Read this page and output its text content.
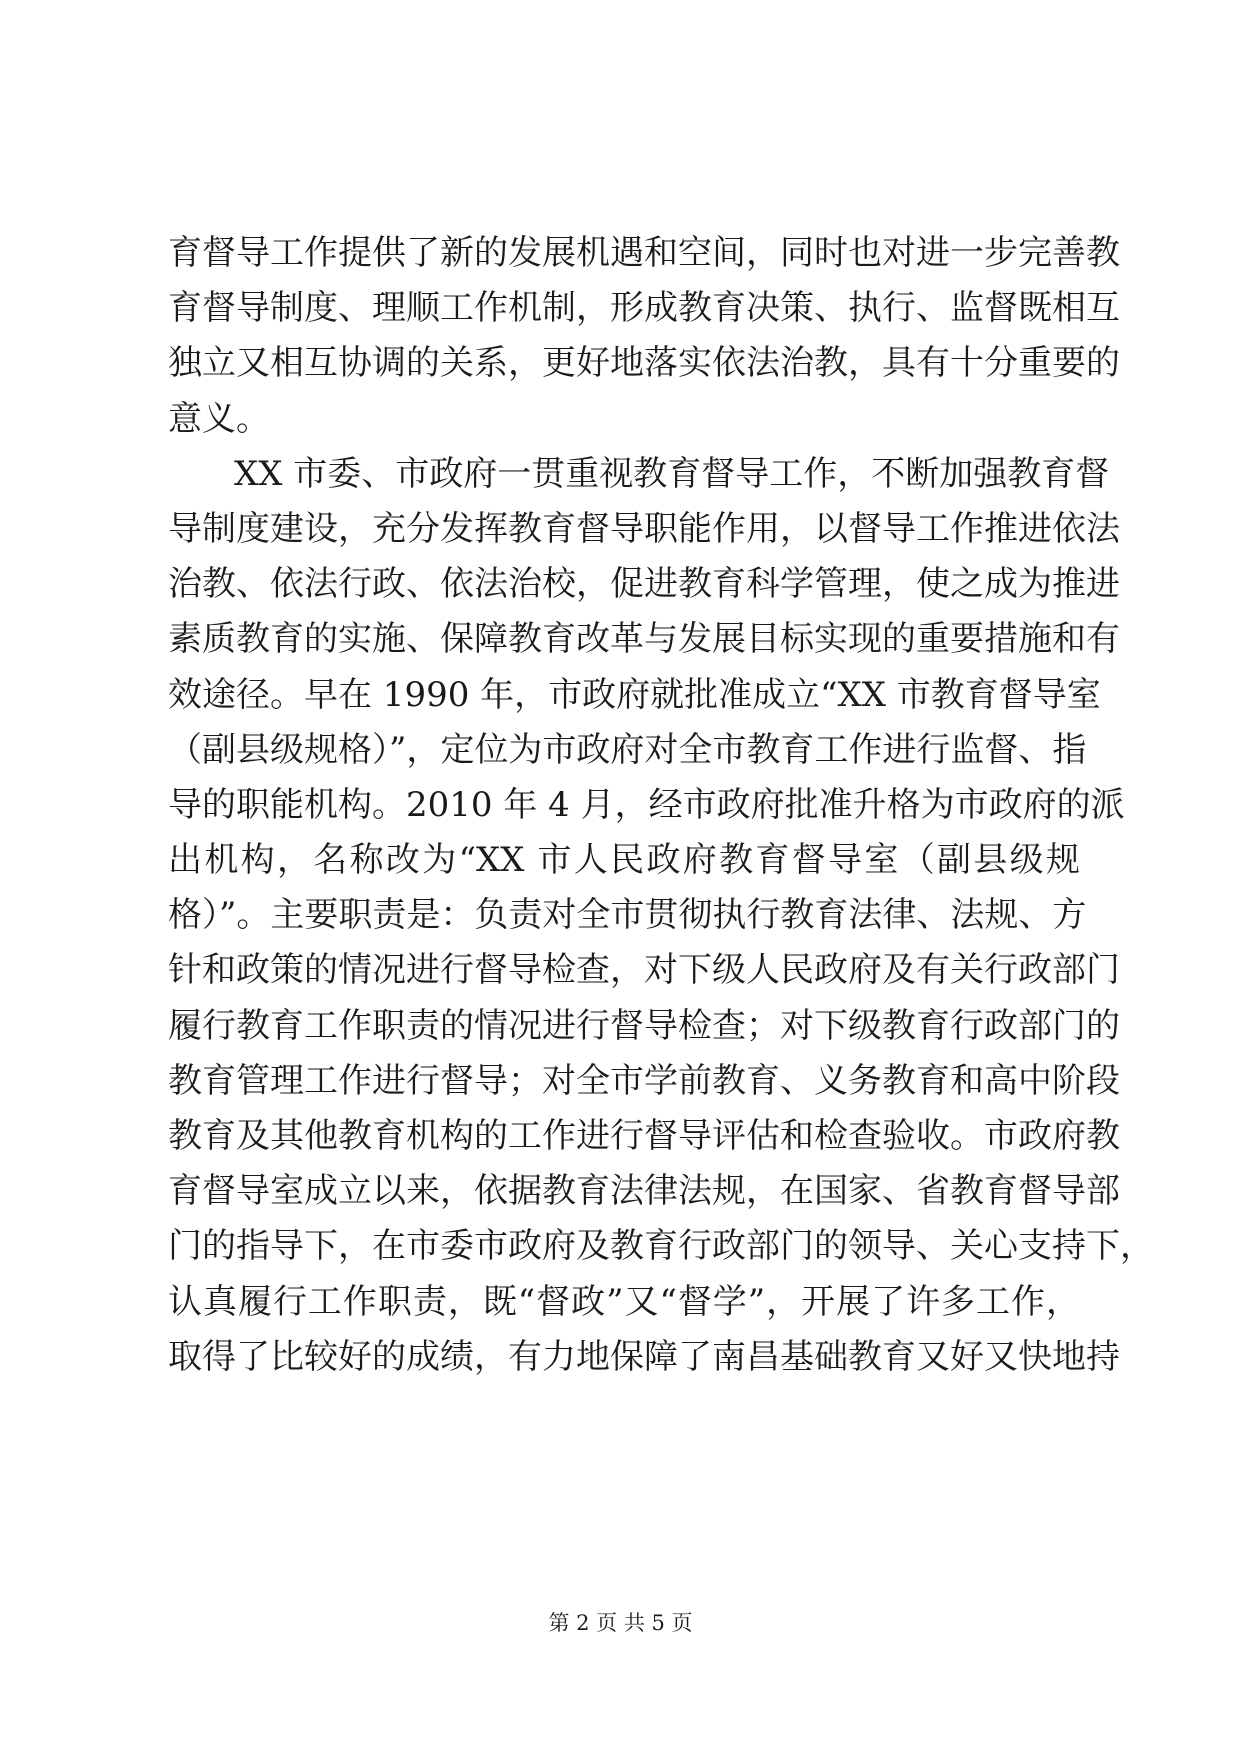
育督导工作提供了新的发展机遇和空间，同时也对进一步完善教
育督导制度、理顺工作机制，形成教育决策、执行、监督既相互
独立又相互协调的关系，更好地落实依法治教，具有十分重要的
意义。
XX 市委、市政府一贯重视教育督导工作，不断加强教育督
导制度建设，充分发挥教育督导职能作用，以督导工作推进依法
治教、依法行政、依法治校，促进教育科学管理，使之成为推进
素质教育的实施、保障教育改革与发展目标实现的重要措施和有
效途径。早在 1990 年，市政府就批准成立“XX 市教育督导室
（副县级规格）”，定位为市政府对全市教育工作进行监督、指
导的职能机构。2010 年 4 月，经市政府批准升格为市政府的派
出机构，名称改为“XX 市人民政府教育督导室（副县级规
格）”。主要职责是：负责对全市贯彻执行教育法律、法规、方
针和政策的情况进行督导检查，对下级人民政府及有关行政部门
履行教育工作职责的情况进行督导检查；对下级教育行政部门的
教育管理工作进行督导；对全市学前教育、义务教育和高中阶段
教育及其他教育机构的工作进行督导评估和检查验收。市政府教
育督导室成立以来，依据教育法律法规，在国家、省教育督导部
门的指导下，在市委市政府及教育行政部门的领导、关心支持下，
认真履行工作职责，既“督政”又“督学”，开展了许多工作，
取得了比较好的成绩，有力地保障了南昌基础教育又好又快地持
第 2 页 共 5 页
